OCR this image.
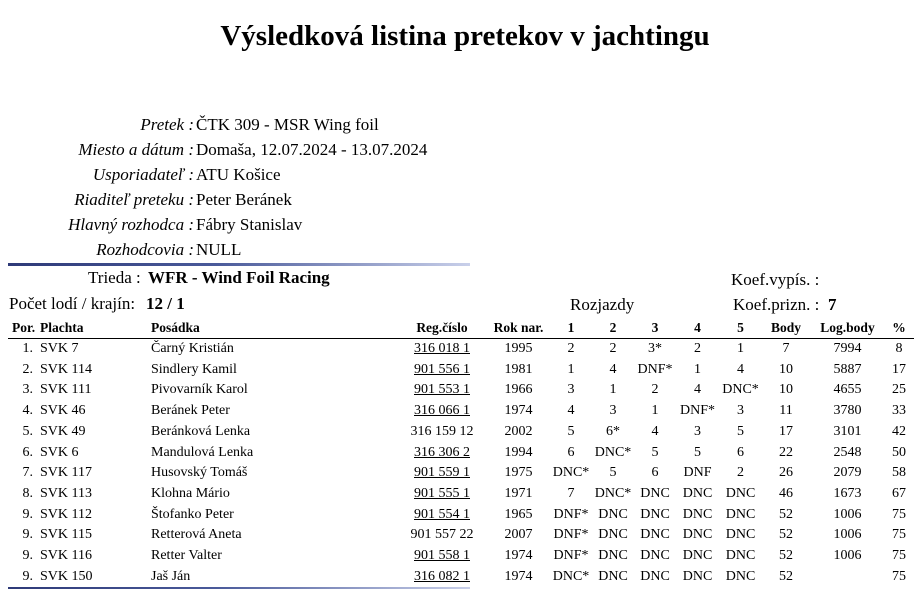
Výsledková listina pretekov v jachtingu
Pretek : ČTK 309 - MSR Wing foil
Miesto a dátum : Domaša, 12.07.2024 - 13.07.2024
Usporiadateľ : ATU Košice
Riaditeľ preteku : Peter Beránek
Hlavný rozhodca : Fábry Stanislav
Rozhodcovia : NULL
Trieda : WFR - Wind Foil Racing	Koef.vypís. :
Počet lodí / krajín: 12 / 1	Rozjazdy	Koef.prizn. : 7
Por.	Plachta	Posádka	Reg.číslo	Rok nar.	1	2	3	4	5	Body	Log.body	%
1.	SVK 7	Čarný Kristián	316 018 1	1995	2	2	3*	2	1	7	7994	8
2.	SVK 114	Sindlery Kamil	901 556 1	1981	1	4	DNF*	1	4	10	5887	17
3.	SVK 111	Pivovarník Karol	901 553 1	1966	3	1	2	4	DNC*	10	4655	25
4.	SVK 46	Beránek Peter	316 066 1	1974	4	3	1	DNF*	3	11	3780	33
5.	SVK 49	Beránková Lenka	316 159 12	2002	5	6*	4	3	5	17	3101	42
6.	SVK 6	Mandulová Lenka	316 306 2	1994	6	DNC*	5	5	6	22	2548	50
7.	SVK 117	Husovský Tomáš	901 559 1	1975	DNC*	5	6	DNF	2	26	2079	58
8.	SVK 113	Klohna Mário	901 555 1	1971	7	DNC*	DNC	DNC	DNC	46	1673	67
9.	SVK 112	Štofanko Peter	901 554 1	1965	DNF*	DNC	DNC	DNC	DNC	52	1006	75
9.	SVK 115	Retterová Aneta	901 557 22	2007	DNF*	DNC	DNC	DNC	DNC	52	1006	75
9.	SVK 116	Retter Valter	901 558 1	1974	DNF*	DNC	DNC	DNC	DNC	52	1006	75
9.	SVK 150	Jaš Ján	316 082 1	1974	DNC*	DNC	DNC	DNC	DNC	52		75
